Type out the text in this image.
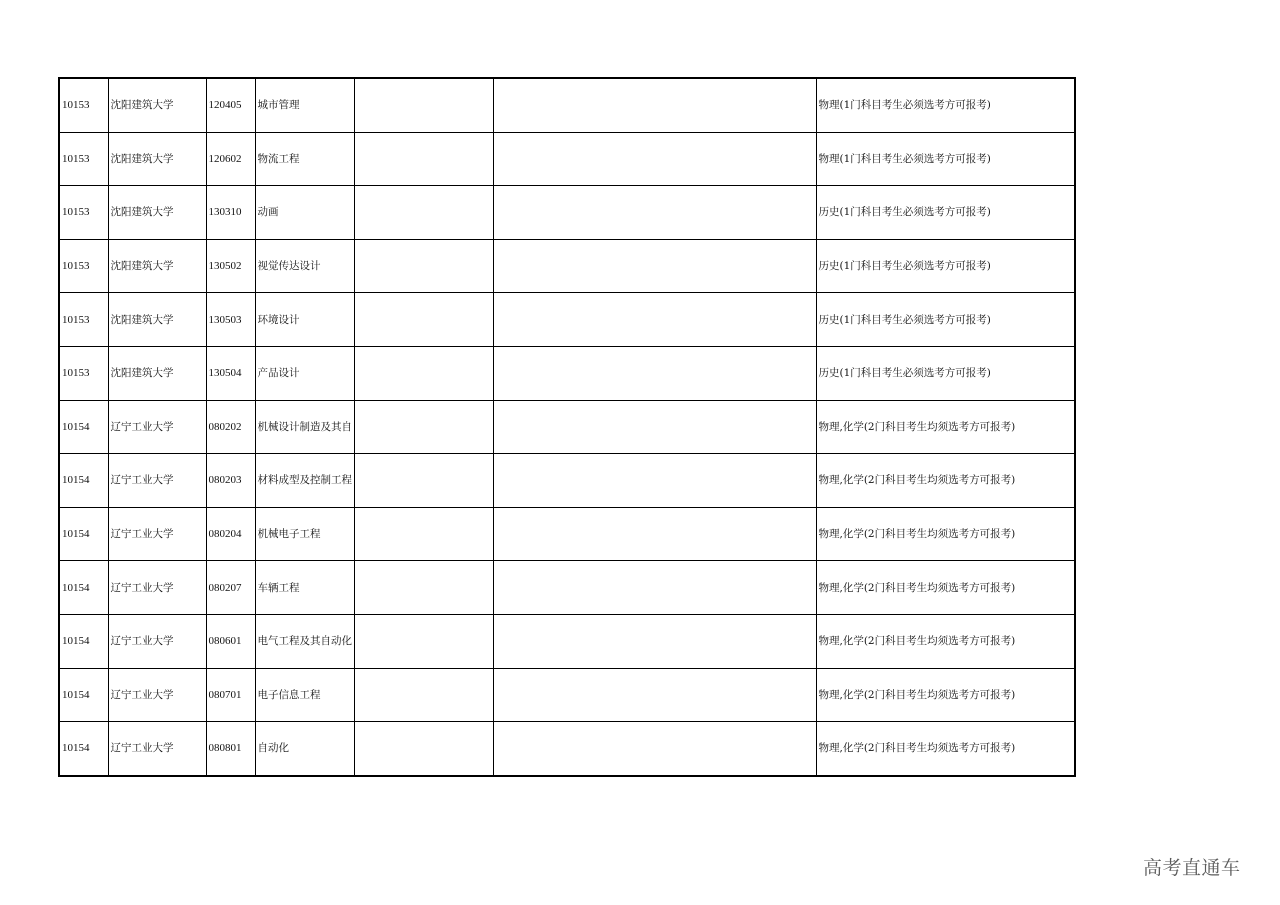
10153	沈阳建筑大学	120405	城市管理			物理(1门科目考生必须选考方可报考)
10153	沈阳建筑大学	120602	物流工程			物理(1门科目考生必须选考方可报考)
10153	沈阳建筑大学	130310	动画			历史(1门科目考生必须选考方可报考)
10153	沈阳建筑大学	130502	视觉传达设计			历史(1门科目考生必须选考方可报考)
10153	沈阳建筑大学	130503	环境设计			历史(1门科目考生必须选考方可报考)
10153	沈阳建筑大学	130504	产品设计			历史(1门科目考生必须选考方可报考)
10154	辽宁工业大学	080202	机械设计制造及其自			物理,化学(2门科目考生均须选考方可报考)
10154	辽宁工业大学	080203	材料成型及控制工程			物理,化学(2门科目考生均须选考方可报考)
10154	辽宁工业大学	080204	机械电子工程			物理,化学(2门科目考生均须选考方可报考)
10154	辽宁工业大学	080207	车辆工程			物理,化学(2门科目考生均须选考方可报考)
10154	辽宁工业大学	080601	电气工程及其自动化			物理,化学(2门科目考生均须选考方可报考)
10154	辽宁工业大学	080701	电子信息工程			物理,化学(2门科目考生均须选考方可报考)
10154	辽宁工业大学	080801	自动化			物理,化学(2门科目考生均须选考方可报考)
高考直通车
